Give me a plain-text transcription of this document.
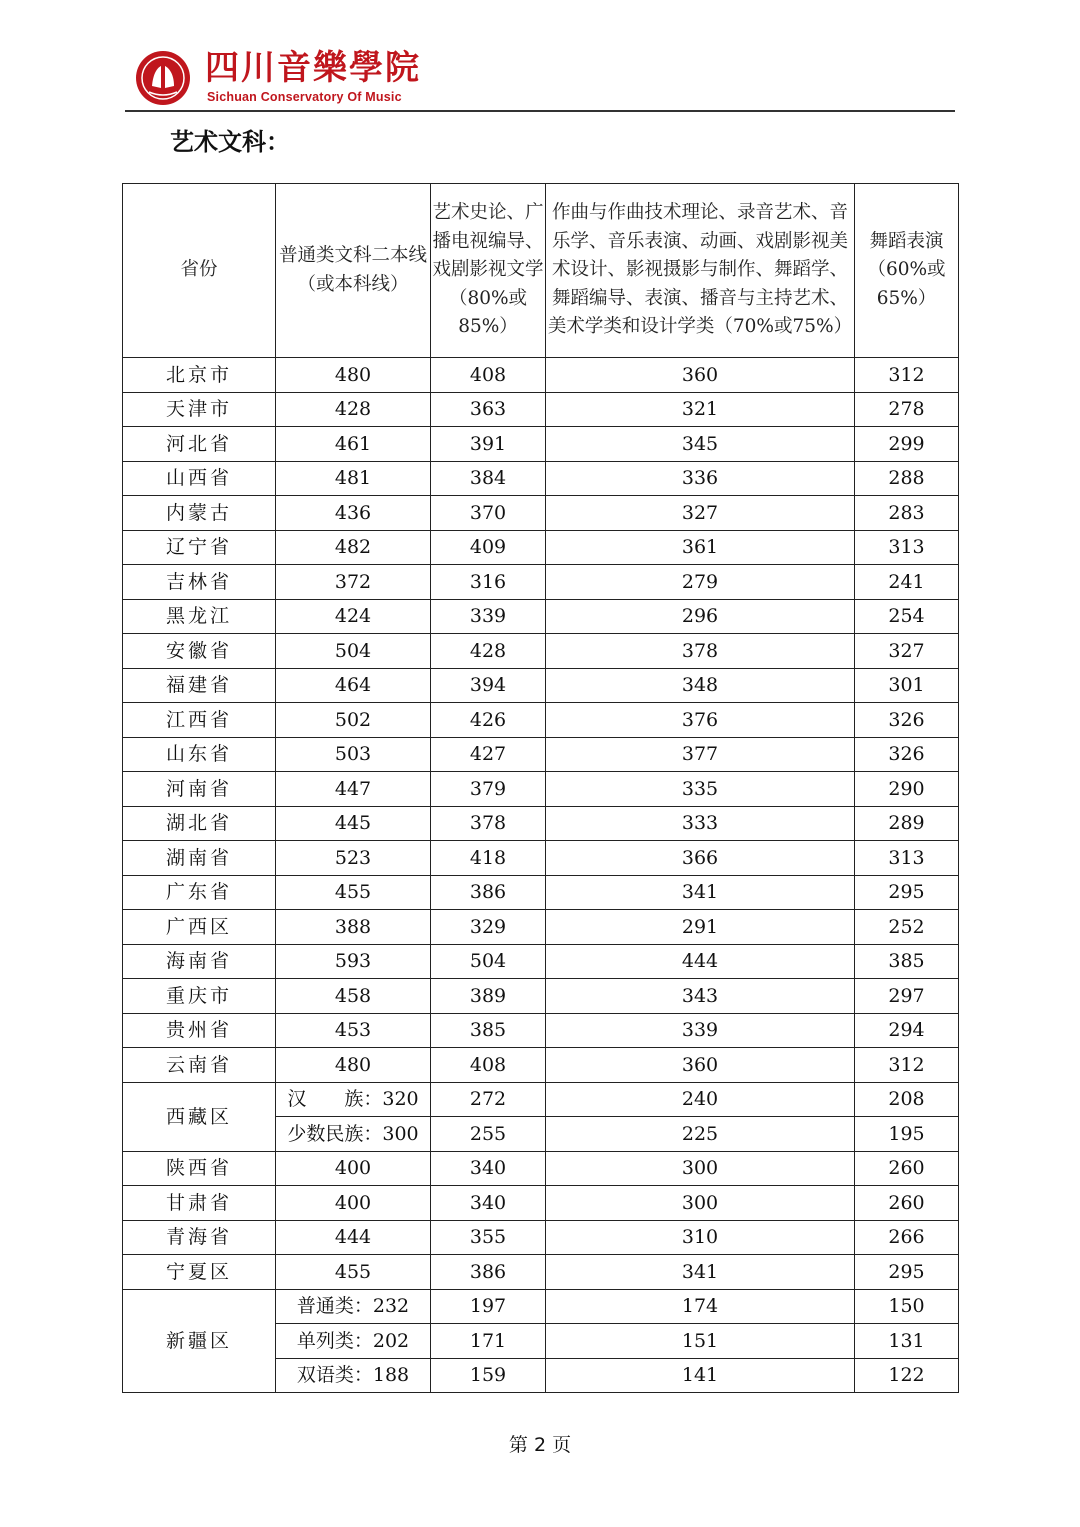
四川音樂學院
Sichuan Conservatory Of Music
艺术文科：
省份	普通类文科二本线（或本科线）	艺术史论、广播电视编导、戏剧影视文学（80%或85%）	作曲与作曲技术理论、录音艺术、音乐学、音乐表演、动画、戏剧影视美术设计、影视摄影与制作、舞蹈学、舞蹈编导、表演、播音与主持艺术、美术学类和设计学类（70%或75%）	舞蹈表演（60%或65%）
北京市	480	408	360	312
天津市	428	363	321	278
河北省	461	391	345	299
山西省	481	384	336	288
内蒙古	436	370	327	283
辽宁省	482	409	361	313
吉林省	372	316	279	241
黑龙江	424	339	296	254
安徽省	504	428	378	327
福建省	464	394	348	301
江西省	502	426	376	326
山东省	503	427	377	326
河南省	447	379	335	290
湖北省	445	378	333	289
湖南省	523	418	366	313
广东省	455	386	341	295
广西区	388	329	291	252
海南省	593	504	444	385
重庆市	458	389	343	297
贵州省	453	385	339	294
云南省	480	408	360	312
西藏区	汉　　族：320	272	240	208
	少数民族：300	255	225	195
陕西省	400	340	300	260
甘肃省	400	340	300	260
青海省	444	355	310	266
宁夏区	455	386	341	295
新疆区	普通类：232	197	174	150
	单列类：202	171	151	131
	双语类：188	159	141	122
第 2 页
